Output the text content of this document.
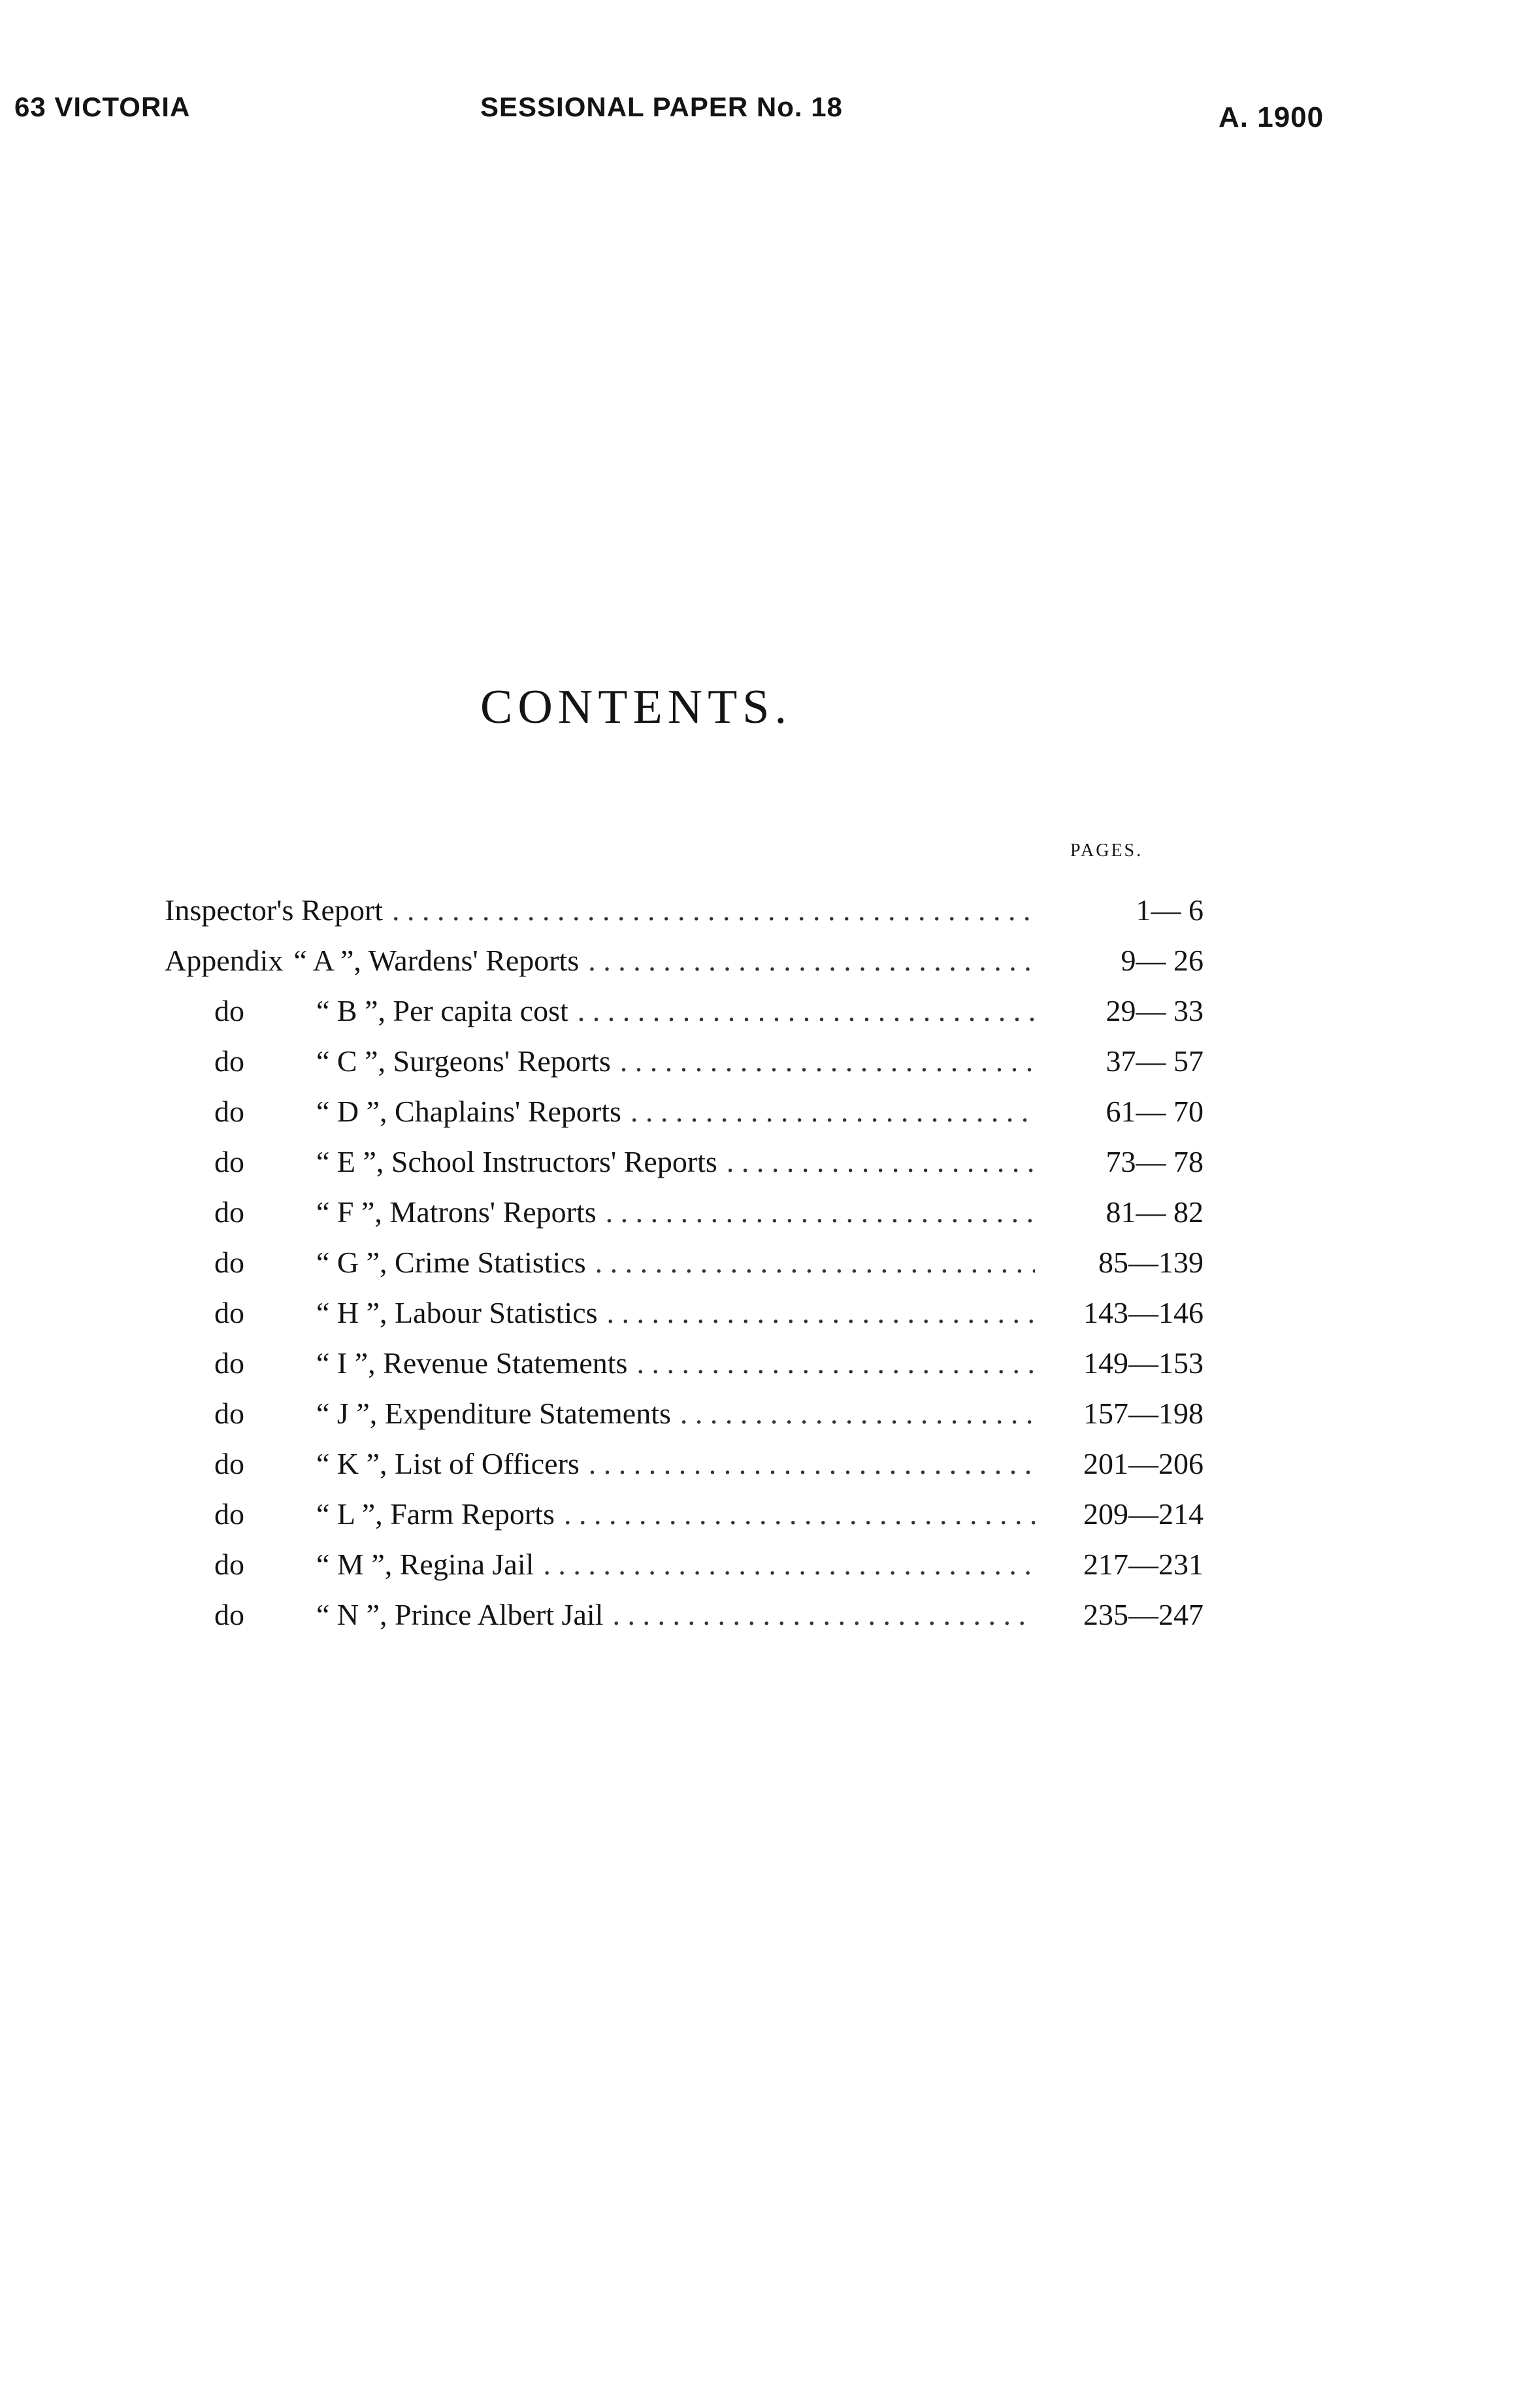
63 VICTORIA	SESSIONAL PAPER No. 18	A. 1900
CONTENTS.
PAGES.
Inspector's Report . . .	1— 6
Appendix “ A ”, Wardens' Reports . . .	9— 26
do	“ B ”, Per capita cost . . .	29— 33
do	“ C ”, Surgeons' Reports . . .	37— 57
do	“ D ”, Chaplains' Reports . . .	61— 70
do	“ E ”, School Instructors' Reports . . .	73— 78
do	“ F ”, Matrons' Reports . . .	81— 82
do	“ G ”, Crime Statistics . . .	85—139
do	“ H ”, Labour Statistics . . .	143—146
do	“ I ”, Revenue Statements . . .	149—153
do	“ J ”, Expenditure Statements . . .	157—198
do	“ K ”, List of Officers . . .	201—206
do	“ L ”, Farm Reports . . .	209—214
do	“ M ”, Regina Jail . . .	217—231
do	“ N ”, Prince Albert Jail . . .	235—247
